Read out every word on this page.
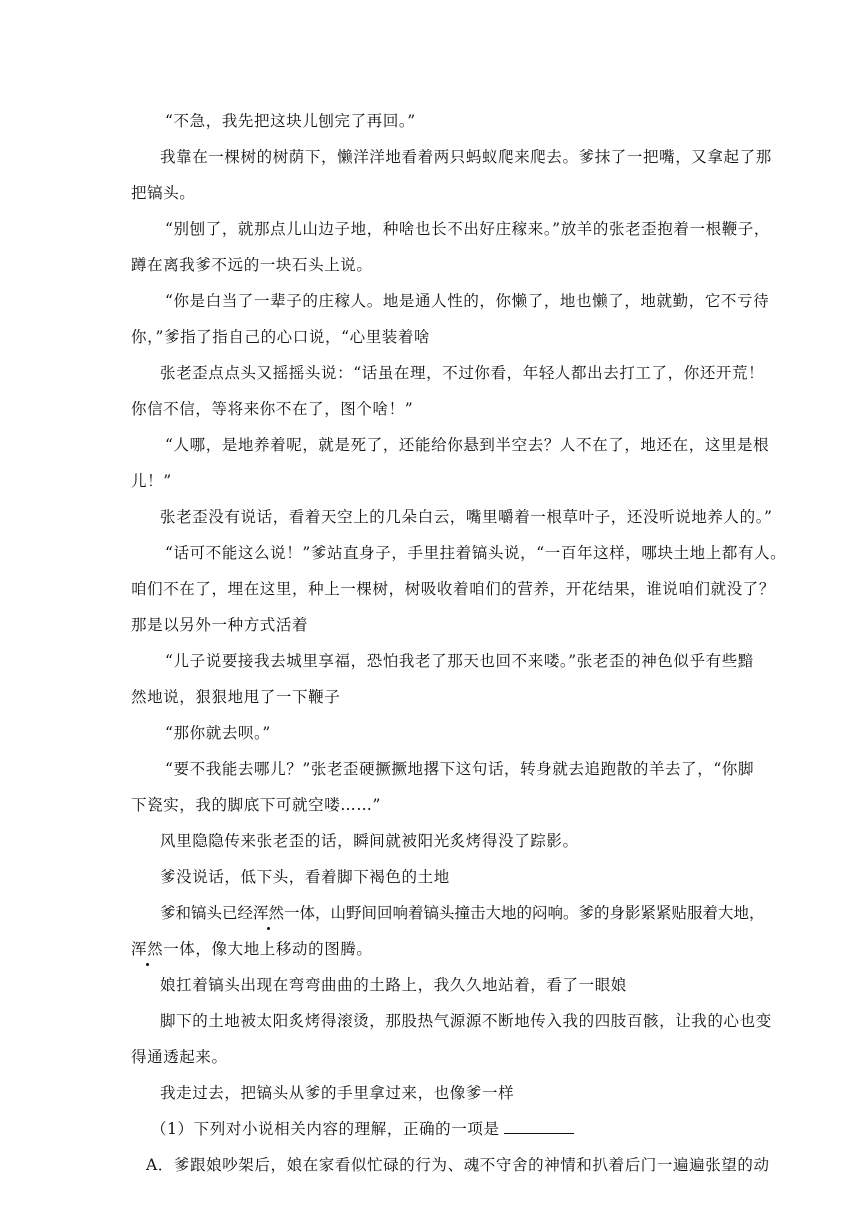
“不急，我先把这块儿刨完了再回。”
我靠在一棵树的树荫下，懒洋洋地看着两只蚂蚁爬来爬去。爹抹了一把嘴，又拿起了那
把镐头。
“别刨了，就那点儿山边子地，种啥也长不出好庄稼来。”放羊的张老歪抱着一根鞭子，
蹲在离我爹不远的一块石头上说。
“你是白当了一辈子的庄稼人。地是通人性的，你懒了，地也懒了，地就勤，它不亏待
你，”爹指了指自己的心口说，“心里装着啥
张老歪点点头又摇摇头说：“话虽在理，不过你看，年轻人都出去打工了，你还开荒！
你信不信，等将来你不在了，图个啥！”
“人哪，是地养着呢，就是死了，还能给你悬到半空去？人不在了，地还在，这里是根
儿！”
张老歪没有说话，看着天空上的几朵白云，嘴里嚼着一根草叶子，还没听说地养人的。”
“话可不能这么说！”爹站直身子，手里拄着镐头说，“一百年这样，哪块土地上都有人。
咱们不在了，埋在这里，种上一棵树，树吸收着咱们的营养，开花结果，谁说咱们就没了？
那是以另外一种方式活着
“儿子说要接我去城里享福，恐怕我老了那天也回不来喽。”张老歪的神色似乎有些黯
然地说，狠狠地甩了一下鞭子
“那你就去呗。”
“要不我能去哪儿？”张老歪硬撅撅地撂下这句话，转身就去追跑散的羊去了，“你脚
下瓷实，我的脚底下可就空喽……”
风里隐隐传来张老歪的话，瞬间就被阳光炙烤得没了踪影。
爹没说话，低下头，看着脚下褐色的土地
爹和镐头已经浑然一体，山野间回响着镐头撞击大地的闷响。爹的身影紧紧贴服着大地，
浑然一体，像大地上移动的图腾。
娘扛着镐头出现在弯弯曲曲的土路上，我久久地站着，看了一眼娘
脚下的土地被太阳炙烤得滚烫，那股热气源源不断地传入我的四肢百骸，让我的心也变
得通透起来。
我走过去，把镐头从爹的手里拿过来，也像爹一样
（1）下列对小说相关内容的理解，正确的一项是
A．爹跟娘吵架后，娘在家看似忙碌的行为、魂不守舍的神情和扒着后门一遍遍张望的动
